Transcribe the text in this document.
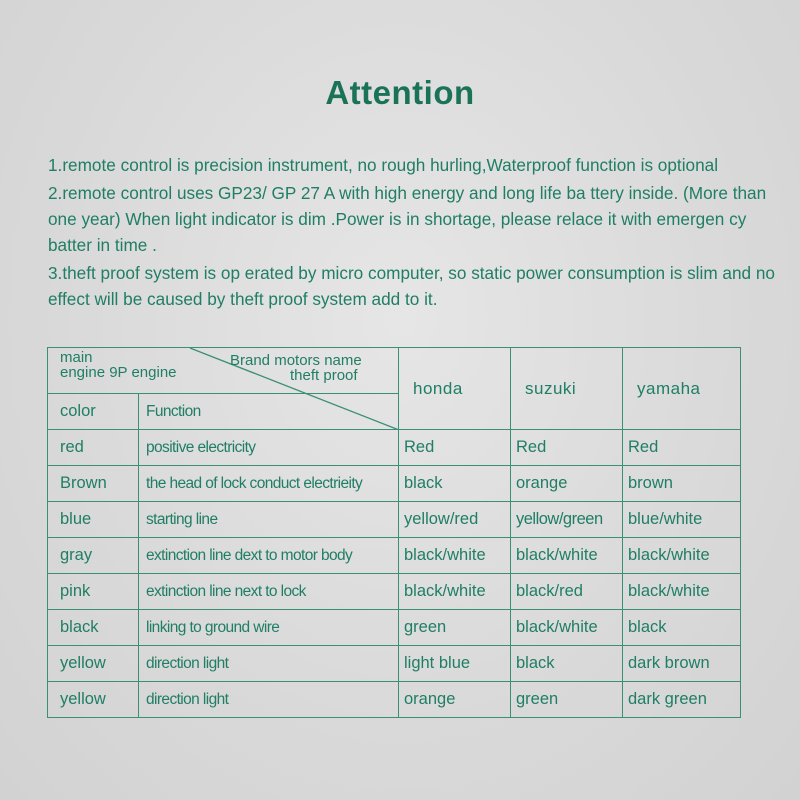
Attention

1.remote control is precision instrument, no rough hurling,Waterproof function is optional

2.remote control uses GP23/ GP 27 A with high energy and long life ba ttery inside. (More than one year) When light indicator is dim .Power is in shortage, please relace it with emergen cy batter in time .

3.theft proof system is op erated by micro computer, so static power consumption is slim and no effect will be caused by theft proof system add to it.

main
engine 9P engine
Brand motors name
theft proof		honda	suzuki	yamaha
color	Function			
red	positive electricity	Red	Red	Red
Brown	the head of lock conduct electrieity	black	orange	brown
blue	starting line	yellow/red	yellow/green	blue/white
gray	extinction line dext to motor body	black/white	black/white	black/white
pink	extinction line next to lock	black/white	black/red	black/white
black	linking to ground wire	green	black/white	black
yellow	direction light	light blue	black	dark brown
yellow	direction light	orange	green	dark green
